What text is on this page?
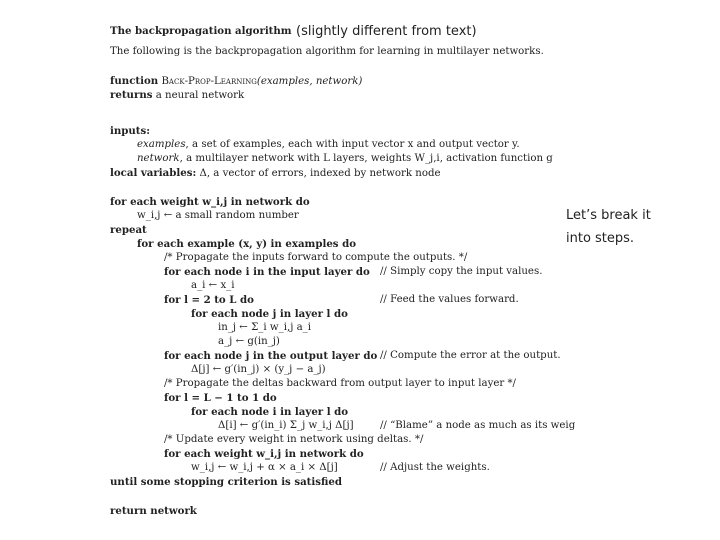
(slightly different from text)
Let’s break it
into steps.
The backpropagation algorithm
The following is the backpropagation algorithm for learning in multilayer networks.
function Back-Prop-Learning(examples, network)
returns a neural network
inputs:
examples, a set of examples, each with input vector x and output vector y.
network, a multilayer network with L layers, weights W_j,i, activation function g
local variables: Δ, a vector of errors, indexed by network node
for each weight w_i,j in network do
w_i,j ← a small random number
repeat
for each example (x, y) in examples do
/* Propagate the inputs forward to compute the outputs. */
for each node i in the input layer do // Simply copy the input values.
a_i ← x_i
for l = 2 to L do	// Feed the values forward.
for each node j in layer l do
in_j ← Σ_i w_i,j a_i
a_j ← g(in_j)
for each node j in the output layer do // Compute the error at the output.
Δ[j] ← g′(in_j) × (y_j − a_j)
/* Propagate the deltas backward from output layer to input layer */
for l = L − 1 to 1 do
for each node i in layer l do
Δ[i] ← g′(in_i) Σ_j w_i,j Δ[j]	// “Blame” a node as much as its weig
/* Update every weight in network using deltas. */
for each weight w_i,j in network do
w_i,j ← w_i,j + α × a_i × Δ[j]	// Adjust the weights.
until some stopping criterion is satisfied
return network
